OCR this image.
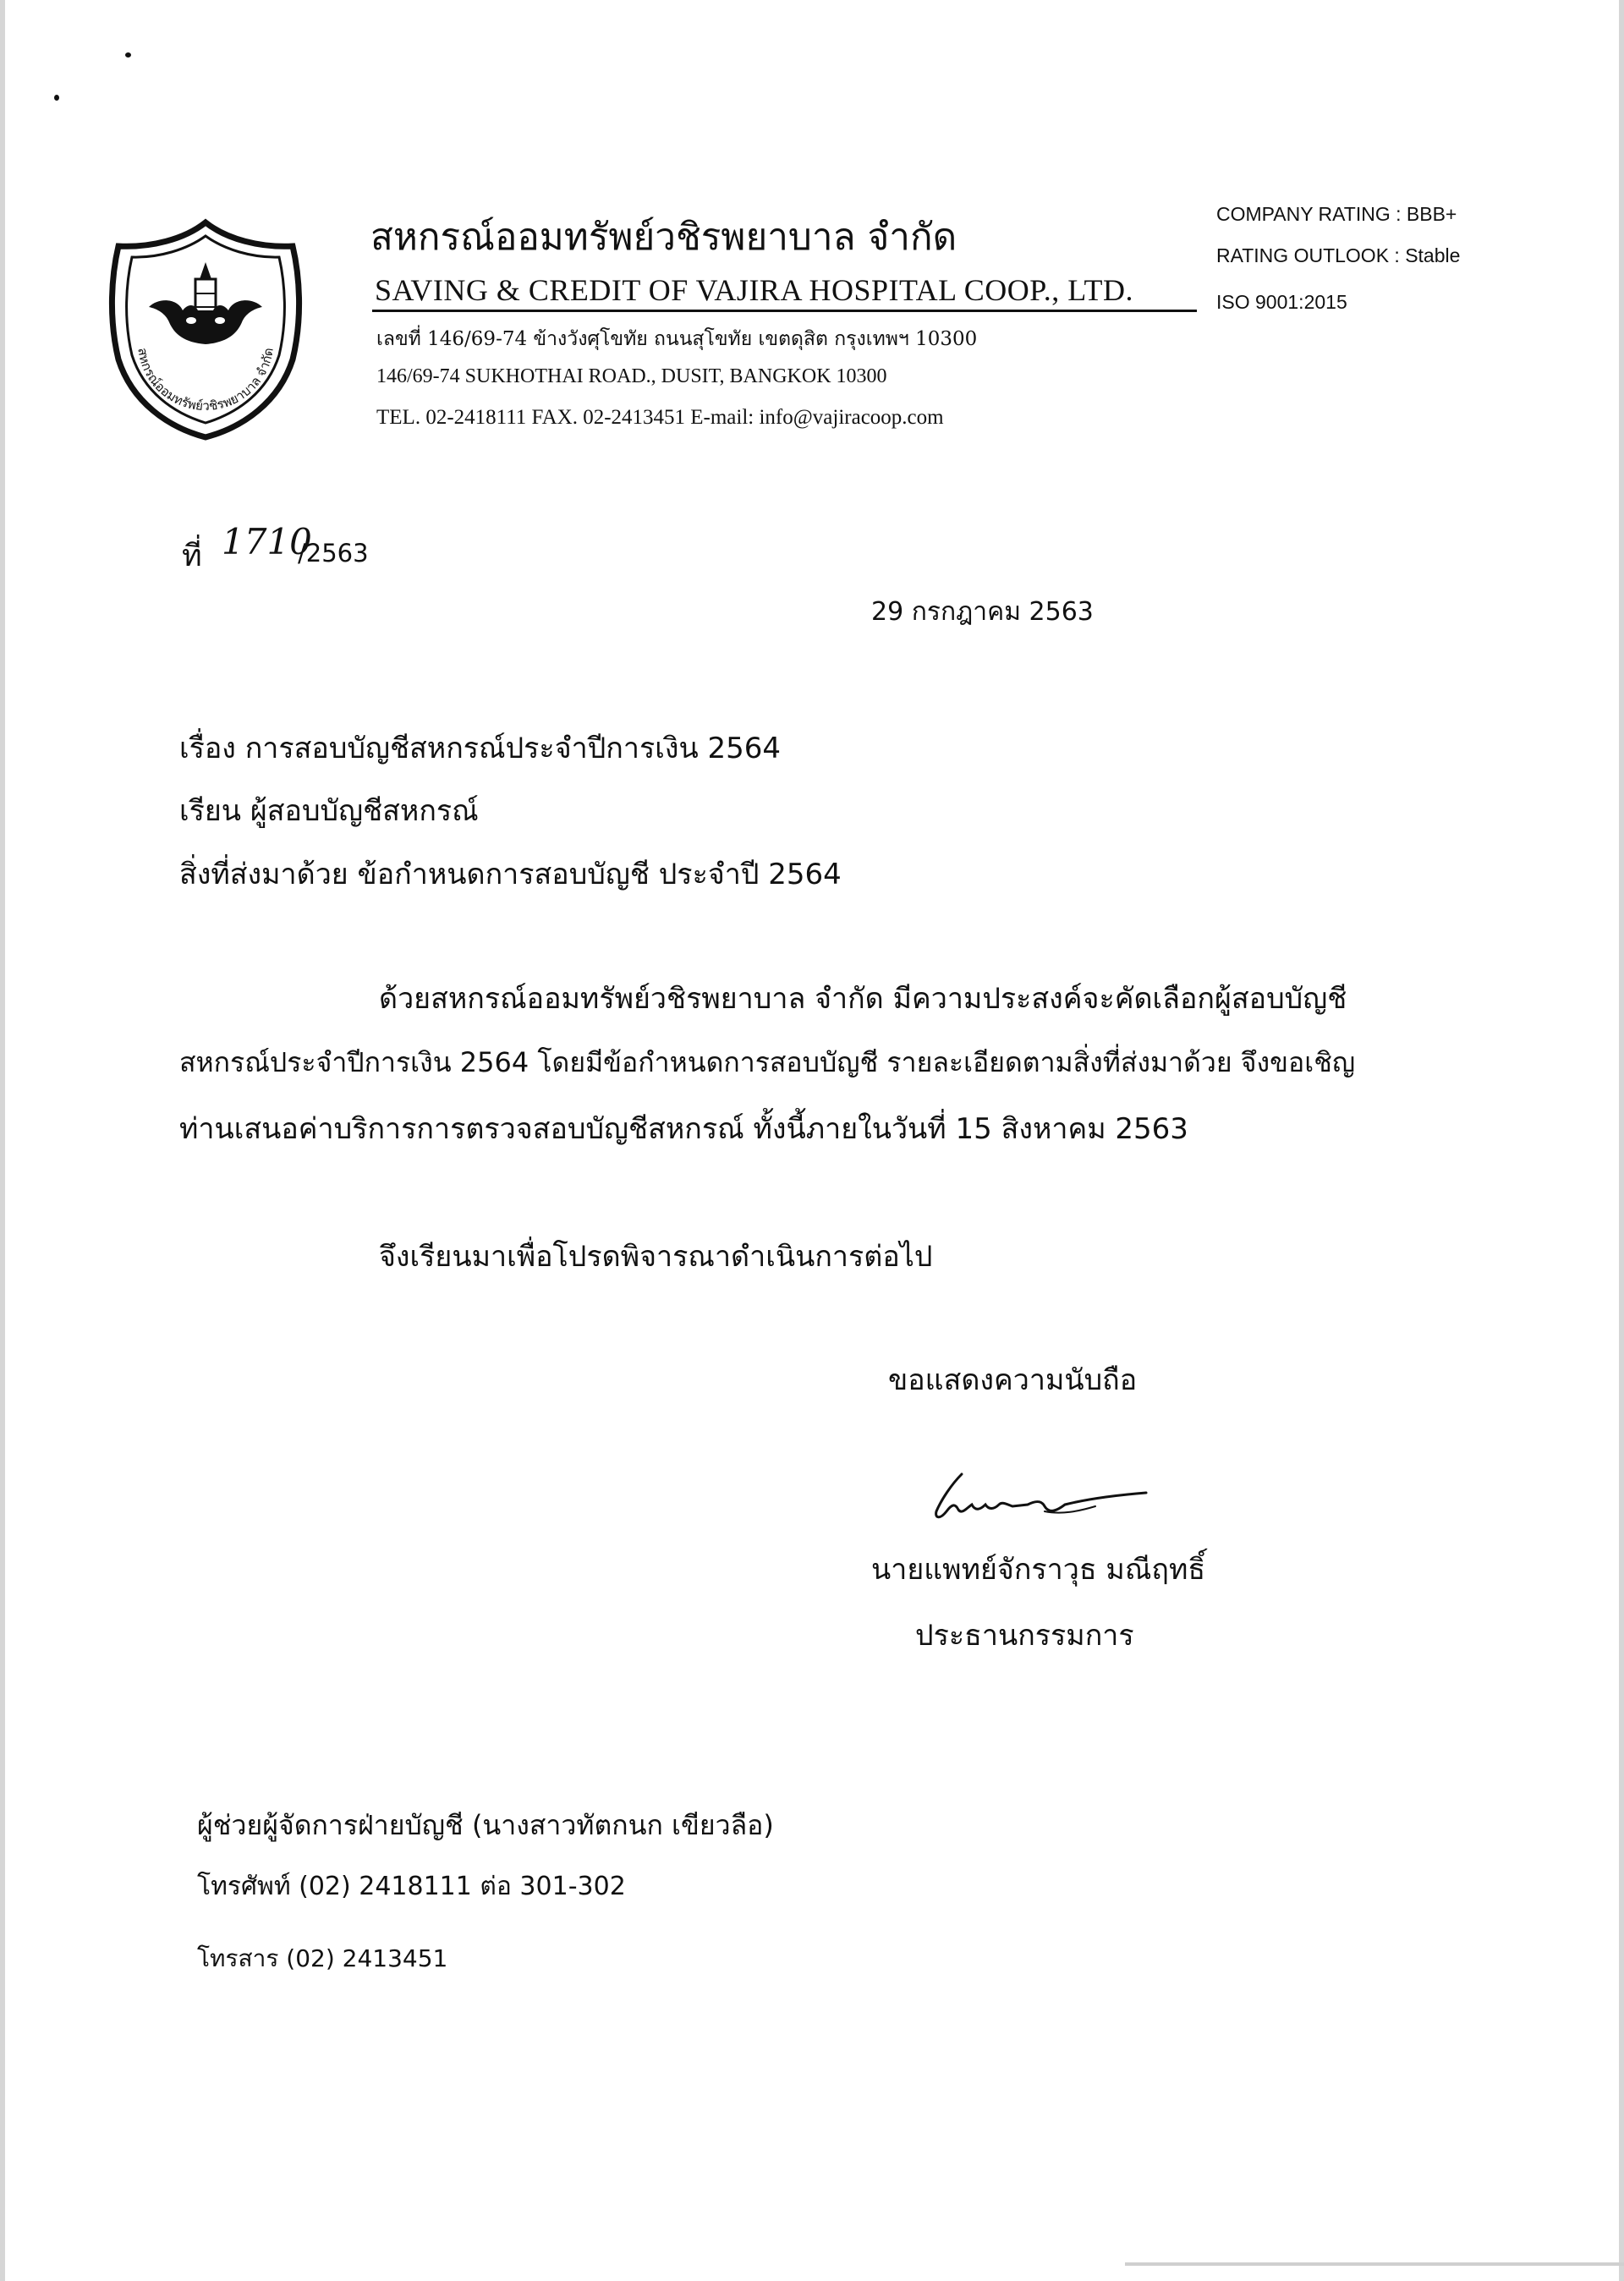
สหกรณ์ออมทรัพย์วชิรพยาบาล จำกัด
สหกรณ์ออมทรัพย์วชิรพยาบาล จำกัด
SAVING & CREDIT OF VAJIRA HOSPITAL COOP., LTD.
เลขที่ 146/69-74 ข้างวังศุโขทัย ถนนสุโขทัย เขตดุสิต กรุงเทพฯ 10300
146/69-74 SUKHOTHAI ROAD., DUSIT, BANGKOK 10300
TEL. 02-2418111 FAX. 02-2413451 E-mail: info@vajiracoop.com
COMPANY RATING : BBB+
RATING OUTLOOK : Stable
ISO 9001:2015
ที่ 1710
/2563
29 กรกฎาคม 2563
เรื่อง การสอบบัญชีสหกรณ์ประจำปีการเงิน 2564
เรียน ผู้สอบบัญชีสหกรณ์
สิ่งที่ส่งมาด้วย ข้อกำหนดการสอบบัญชี ประจำปี 2564
ด้วยสหกรณ์ออมทรัพย์วชิรพยาบาล จำกัด มีความประสงค์จะคัดเลือกผู้สอบบัญชี
สหกรณ์ประจำปีการเงิน 2564 โดยมีข้อกำหนดการสอบบัญชี รายละเอียดตามสิ่งที่ส่งมาด้วย จึงขอเชิญ
ท่านเสนอค่าบริการการตรวจสอบบัญชีสหกรณ์ ทั้งนี้ภายในวันที่ 15 สิงหาคม 2563
จึงเรียนมาเพื่อโปรดพิจารณาดำเนินการต่อไป
ขอแสดงความนับถือ
นายแพทย์จักราวุธ มณีฤทธิ์
ประธานกรรมการ
ผู้ช่วยผู้จัดการฝ่ายบัญชี (นางสาวทัตกนก เขียวลือ)
โทรศัพท์ (02) 2418111 ต่อ 301-302
โทรสาร (02) 2413451
